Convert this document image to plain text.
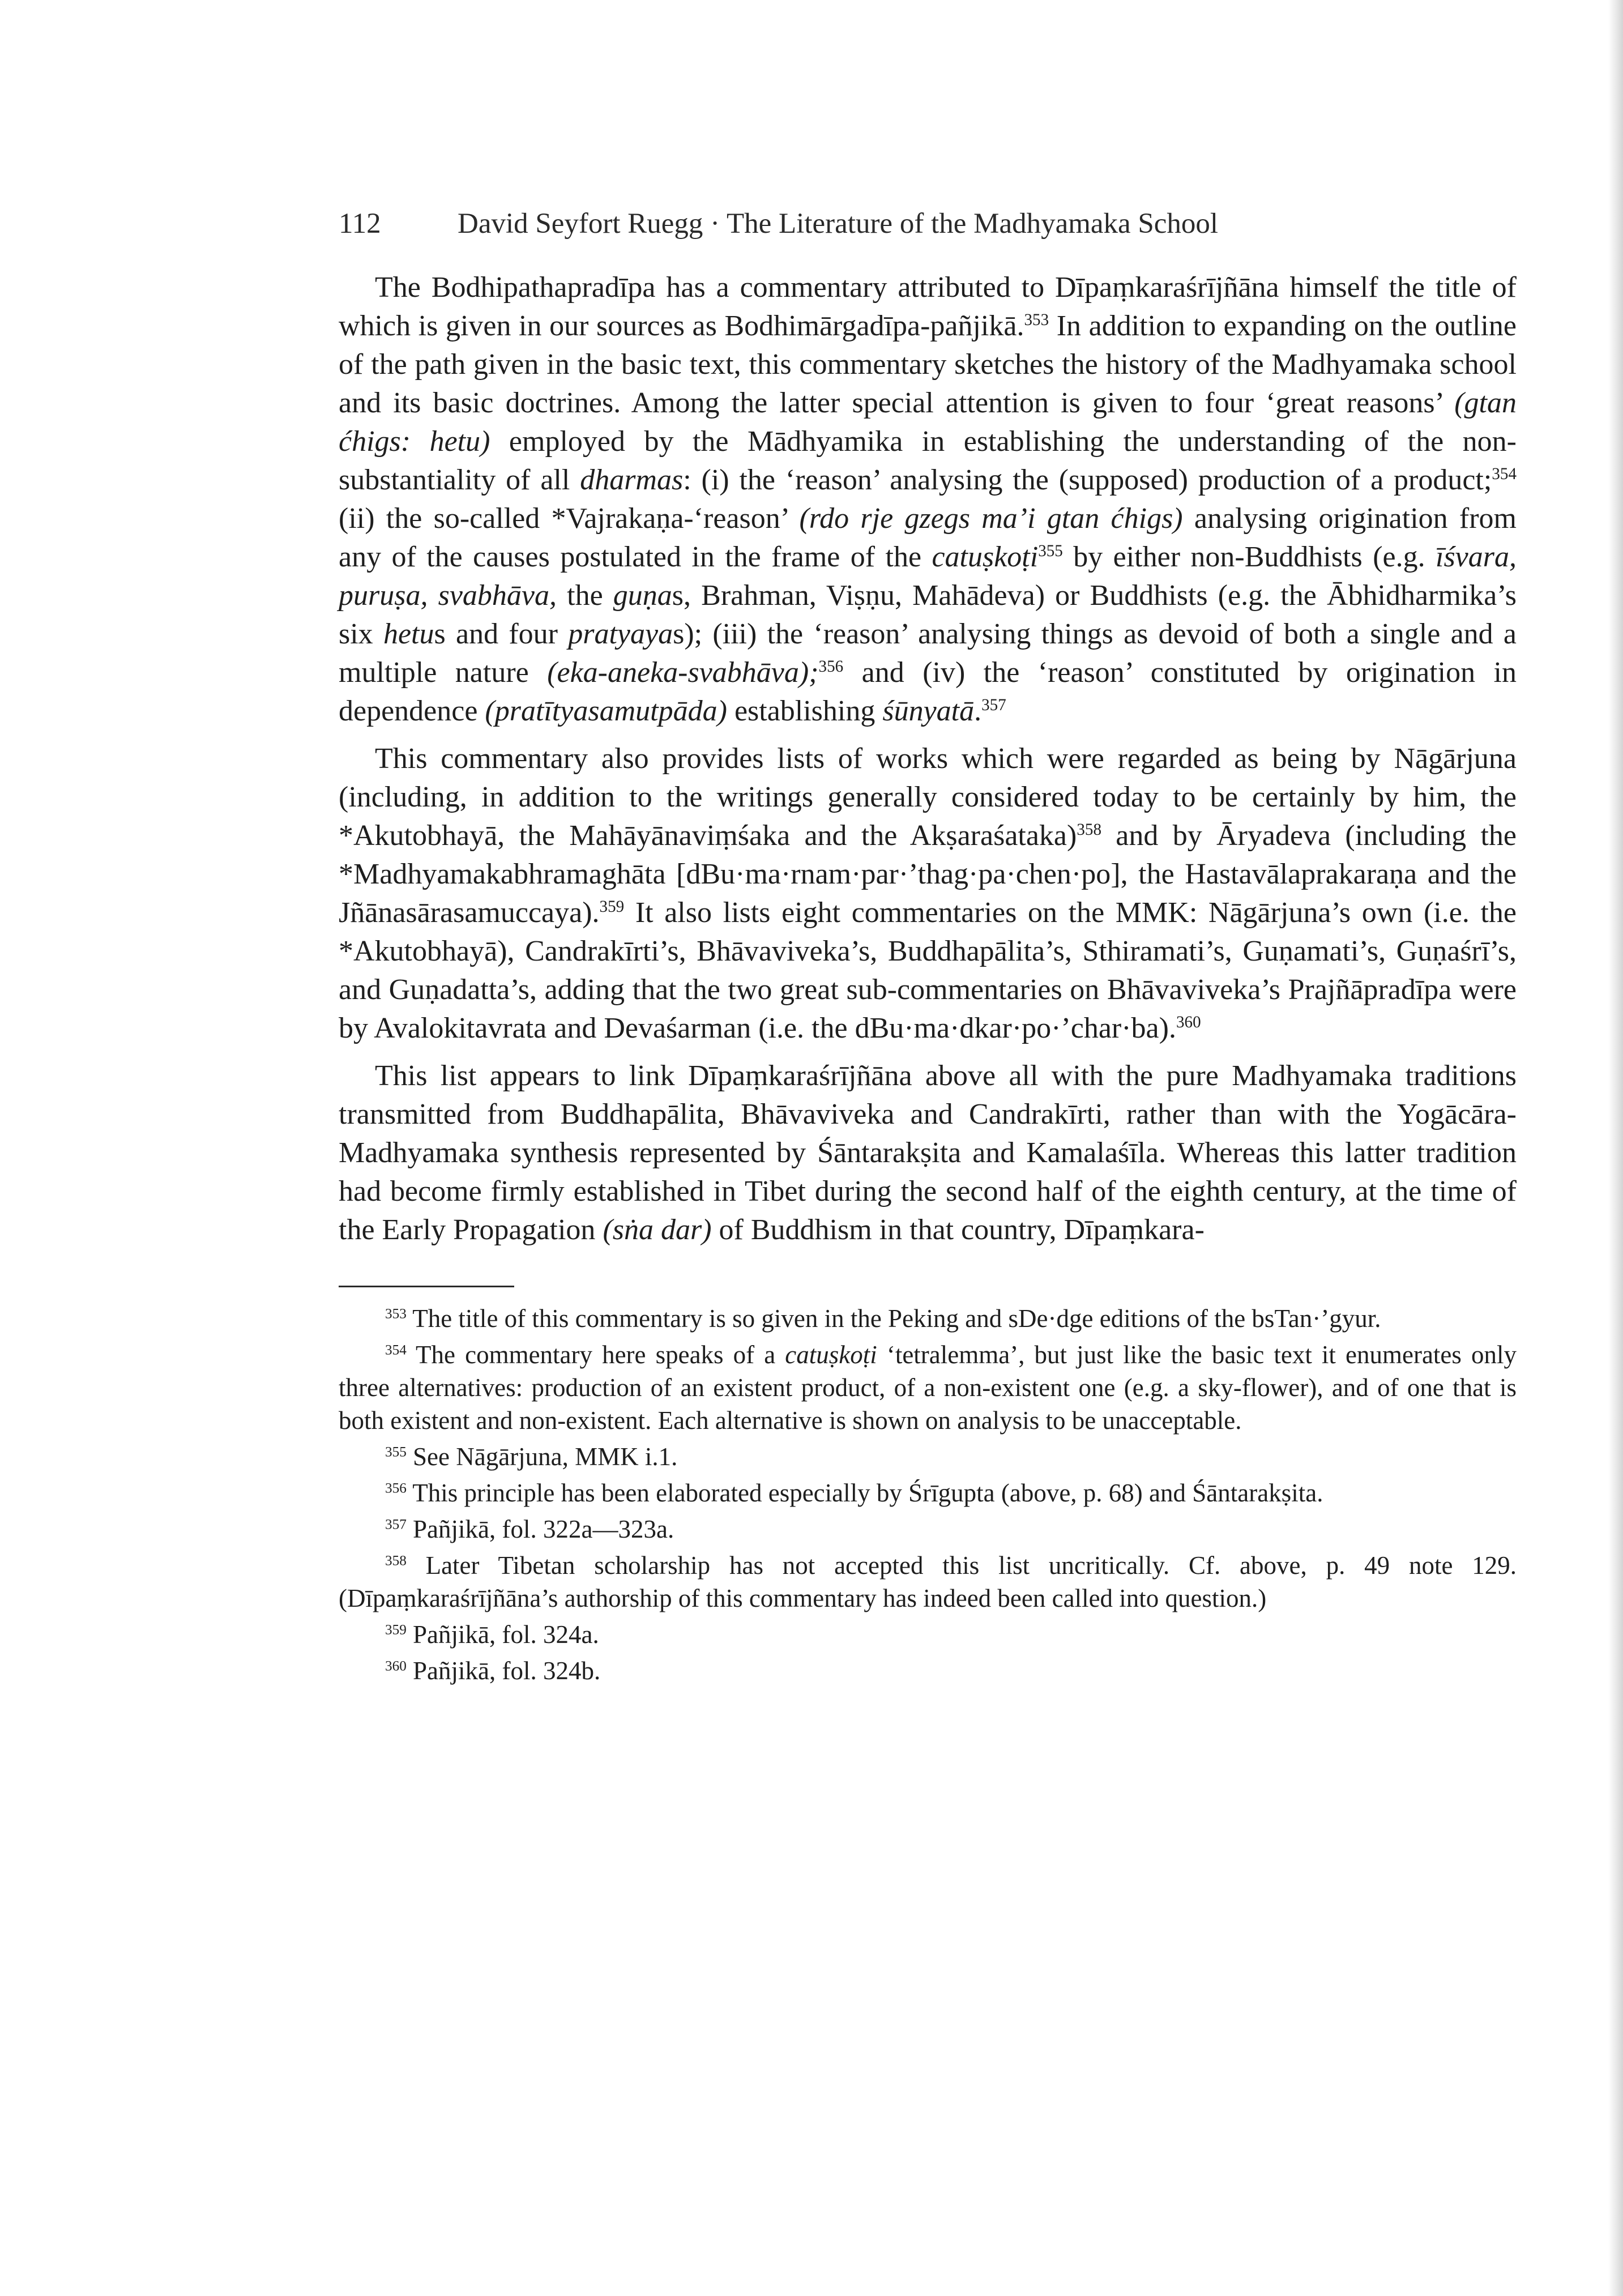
112	David Seyfort Ruegg · The Literature of the Madhyamaka School

The Bodhipathapradīpa has a commentary attributed to Dīpaṃkaraśrījñāna himself the title of which is given in our sources as Bodhimārgadīpa-pañjikā.$^{353}$ In addition to expanding on the outline of the path given in the basic text, this commentary sketches the history of the Madhyamaka school and its basic doctrines. Among the latter special attention is given to four ‘great reasons’ (gtan ćhigs: hetu) employed by the Mādhyamika in establishing the understanding of the non-substantiality of all dharmas: (i) the ‘reason’ analysing the (supposed) production of a product;$^{354}$ (ii) the so-called *Vajrakaṇa-‘reason’ (rdo rje gzegs ma’i gtan ćhigs) analysing origination from any of the causes postulated in the frame of the catuṣkoṭi$^{355}$ by either non-Buddhists (e.g. īśvara, puruṣa, svabhāva, the guṇas, Brahman, Viṣṇu, Mahādeva) or Buddhists (e.g. the Ābhidharmika’s six hetus and four pratyayas); (iii) the ‘reason’ analysing things as devoid of both a single and a multiple nature (eka-aneka-svabhāva);$^{356}$ and (iv) the ‘reason’ constituted by origination in dependence (pratītyasamutpāda) establishing śūnyatā.$^{357}$

This commentary also provides lists of works which were regarded as being by Nāgārjuna (including, in addition to the writings generally considered today to be certainly by him, the *Akutobhayā, the Mahāyānaviṃśaka and the Akṣaraśataka)$^{358}$ and by Āryadeva (including the *Madhyamakabhramaghāta [dBu·ma·rnam·par·’thag·pa·chen·po], the Hastavālaprakaraṇa and the Jñānasārasamuccaya).$^{359}$ It also lists eight commentaries on the MMK: Nāgārjuna’s own (i.e. the *Akutobhayā), Candrakīrti’s, Bhāvaviveka’s, Buddhapālita’s, Sthiramati’s, Guṇamati’s, Guṇaśrī’s, and Guṇadatta’s, adding that the two great sub-commentaries on Bhāvaviveka’s Prajñāpradīpa were by Avalokitavrata and Devaśarman (i.e. the dBu·ma·dkar·po·’char·ba).$^{360}$

This list appears to link Dīpaṃkaraśrījñāna above all with the pure Madhyamaka traditions transmitted from Buddhapālita, Bhāvaviveka and Candrakīrti, rather than with the Yogācāra-Madhyamaka synthesis represented by Śāntarakṣita and Kamalaśīla. Whereas this latter tradition had become firmly established in Tibet during the second half of the eighth century, at the time of the Early Propagation (sṅa dar) of Buddhism in that country, Dīpaṃkara-

$^{353}$ The title of this commentary is so given in the Peking and sDe·dge editions of the bsTan·’gyur.

$^{354}$ The commentary here speaks of a catuṣkoṭi ‘tetralemma’, but just like the basic text it enumerates only three alternatives: production of an existent product, of a non-existent one (e.g. a sky-flower), and of one that is both existent and non-existent. Each alternative is shown on analysis to be unacceptable.

$^{355}$ See Nāgārjuna, MMK i.1.

$^{356}$ This principle has been elaborated especially by Śrīgupta (above, p. 68) and Śāntarakṣita.

$^{357}$ Pañjikā, fol. 322a—323a.

$^{358}$ Later Tibetan scholarship has not accepted this list uncritically. Cf. above, p. 49 note 129. (Dīpaṃkaraśrījñāna’s authorship of this commentary has indeed been called into question.)

$^{359}$ Pañjikā, fol. 324a.

$^{360}$ Pañjikā, fol. 324b.
